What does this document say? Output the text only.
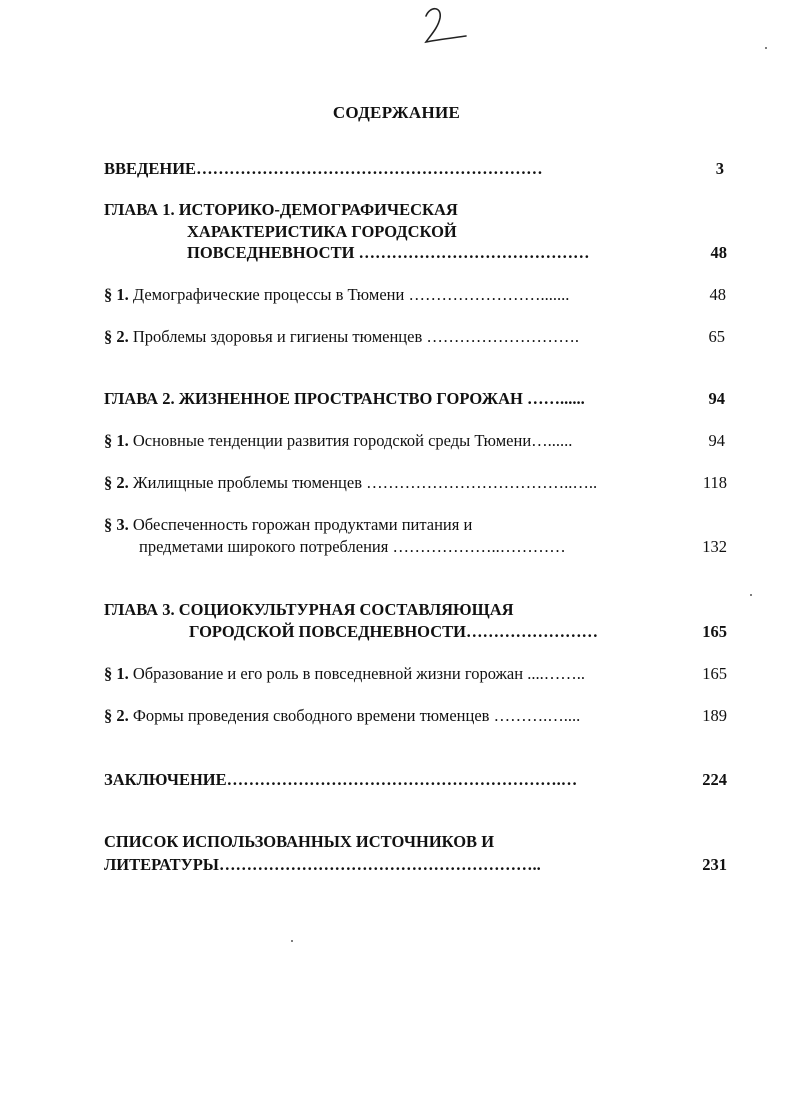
СОДЕРЖАНИЕ
ВВЕДЕНИЕ………………………………………………………	3
ГЛАВА 1. ИСТОРИКО-ДЕМОГРАФИЧЕСКАЯ
ХАРАКТЕРИСТИКА ГОРОДСКОЙ
ПОВСЕДНЕВНОСТИ ……………………………………	48
§ 1. Демографические процессы в Тюмени …………………….......	48
§ 2. Проблемы здоровья и гигиены тюменцев ……………………….	65
ГЛАВА 2. ЖИЗНЕННОЕ ПРОСТРАНСТВО ГОРОЖАН ……......	94
§ 1. Основные тенденции развития городской среды Тюмени…......	94
§ 2. Жилищные проблемы тюменцев ………………………………..…..	118
§ 3. Обеспеченность горожан продуктами питания и
предметами широкого потребления ………………..…………	132
ГЛАВА 3. СОЦИОКУЛЬТУРНАЯ СОСТАВЛЯЮЩАЯ
ГОРОДСКОЙ ПОВСЕДНЕВНОСТИ……………………	165
§ 1. Образование и его роль в повседневной жизни горожан ....……..	165
§ 2. Формы проведения свободного времени тюменцев ……….…....	189
ЗАКЛЮЧЕНИЕ…………………………………………………….…	224
СПИСОК ИСПОЛЬЗОВАННЫХ ИСТОЧНИКОВ И
ЛИТЕРАТУРЫ…………………………………………………..	231
